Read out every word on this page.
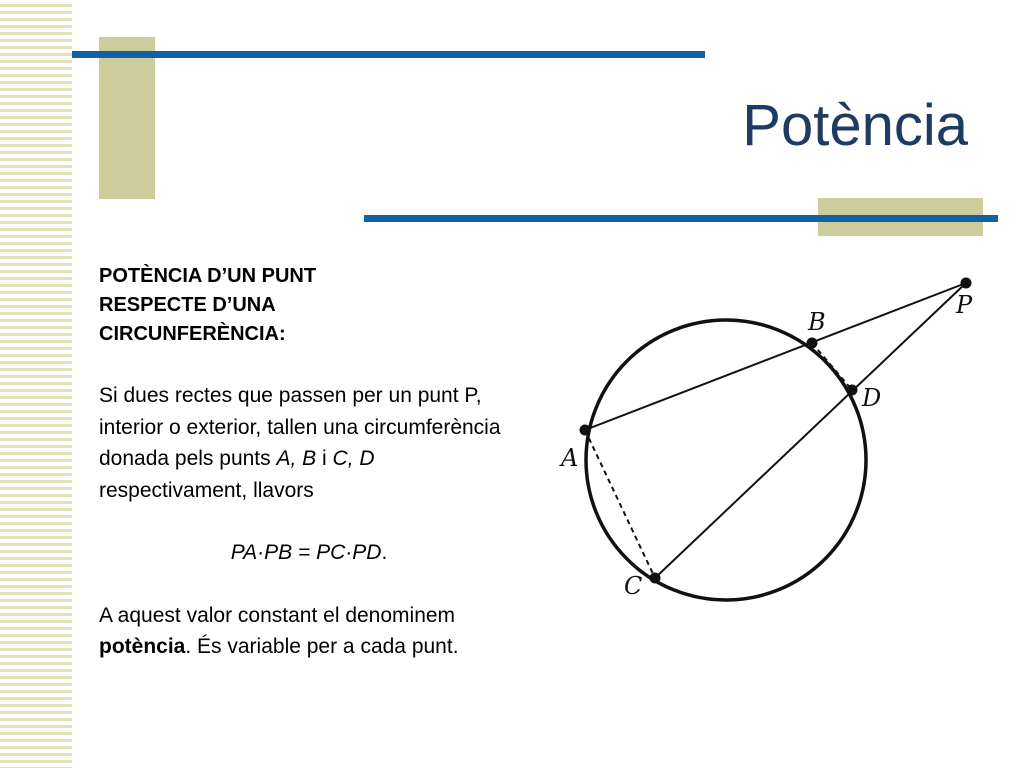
Potència

POTÈNCIA D’UN PUNT RESPECTE D’UNA CIRCUNFERÈNCIA:

Si dues rectes que passen per un punt P, interior o exterior, tallen una circumferència donada pels punts A, B i C, D respectivament, llavors

PA·PB = PC·PD.

A aquest valor constant el denominem potència. És variable per a cada punt.

A
B
C
D
P
